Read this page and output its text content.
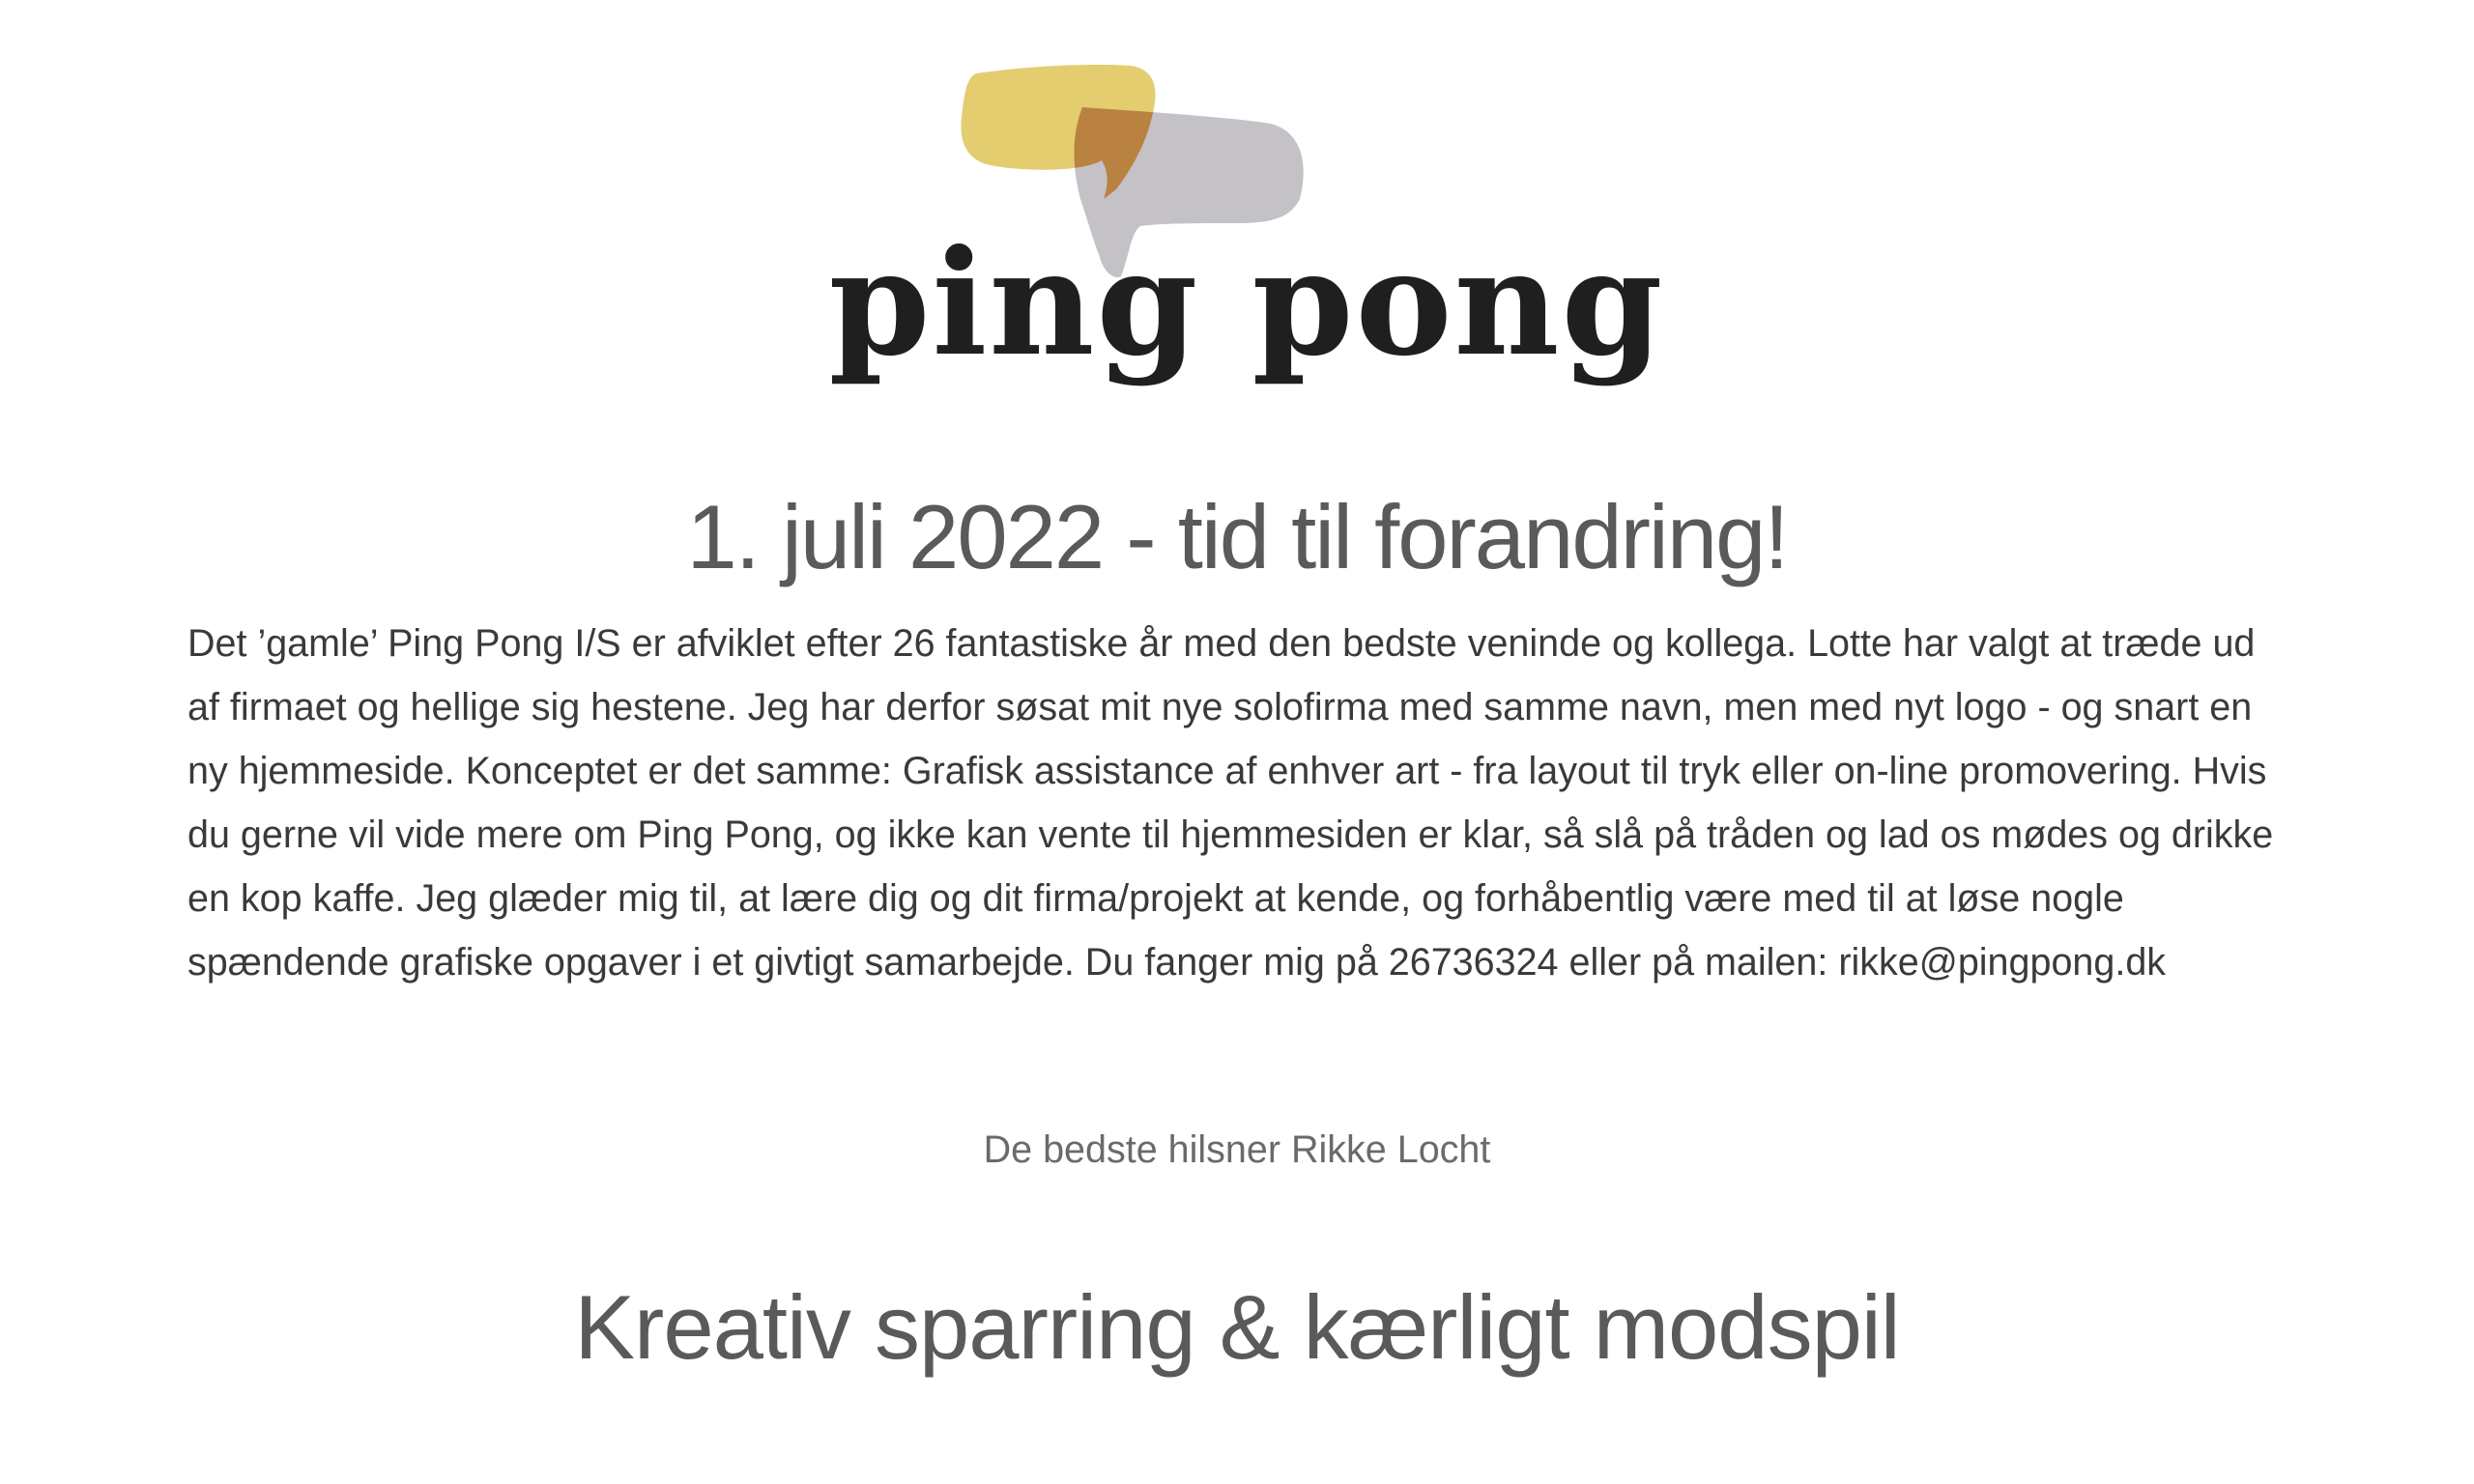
ping pong
1. juli 2022 - tid til forandring!

Det ’gamle’ Ping Pong I/S er afviklet efter 26 fantastiske år med den bedste veninde og kollega. Lotte har valgt at træde ud af firmaet og hellige sig hestene. Jeg har derfor søsat mit nye solofirma med samme navn, men med nyt logo - og snart en ny hjemmeside. Konceptet er det samme: Grafisk assistance af enhver art - fra layout til tryk eller on-line promovering. Hvis du gerne vil vide mere om Ping Pong, og ikke kan vente til hjemmesiden er klar, så slå på tråden og lad os mødes og drikke en kop kaffe. Jeg glæder mig til, at lære dig og dit firma/projekt at kende, og forhåbentlig være med til at løse nogle spændende grafiske opgaver i et givtigt samarbejde. Du fanger mig på 26736324 eller på mailen: rikke@pingpong.dk

De bedste hilsner Rikke Locht

Kreativ sparring & kærligt modspil
